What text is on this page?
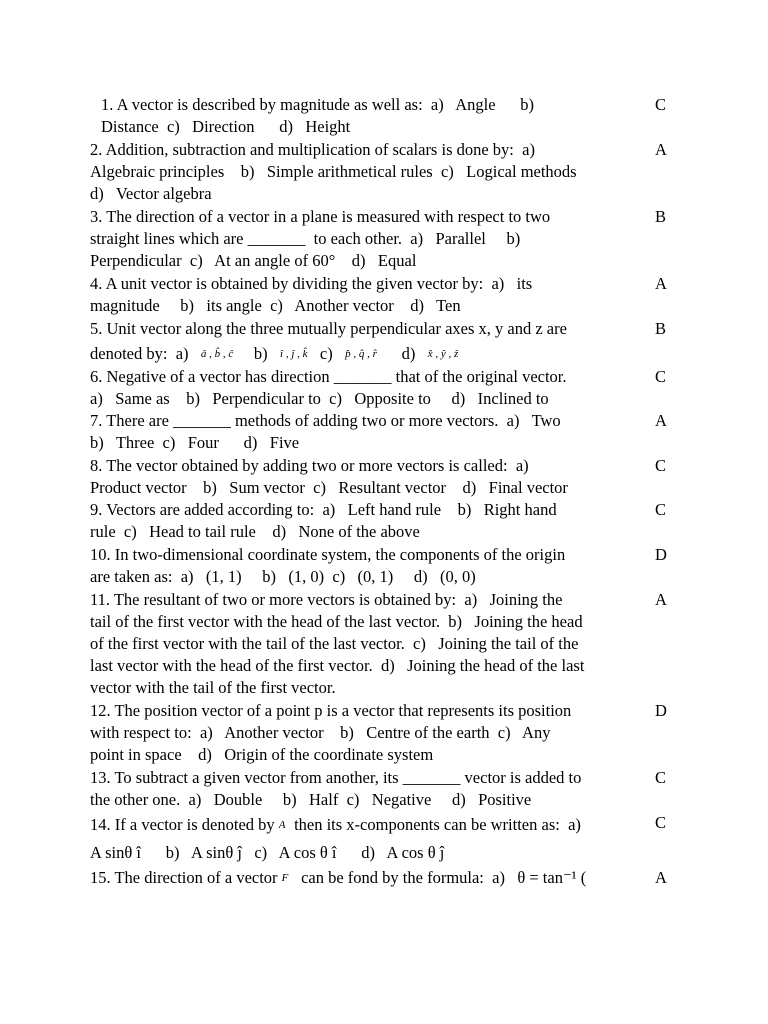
1. A vector is described by magnitude as well as:  a)   Angle      b)
Distance  c)   Direction      d)   Height
C
2. Addition, subtraction and multiplication of scalars is done by:  a)
Algebraic principles    b)   Simple arithmetical rules  c)   Logical methods
d)   Vector algebra
A
3. The direction of a vector in a plane is measured with respect to two
straight lines which are _______  to each other.  a)   Parallel     b)
Perpendicular  c)   At an angle of 60°    d)   Equal
B
4. A unit vector is obtained by dividing the given vector by:  a)   its
magnitude     b)   its angle  c)   Another vector    d)   Ten
A
5. Unit vector along the three mutually perpendicular axes x, y and z are
denoted by:  a) â , b̂ , ĉ b) î , ĵ , k̂ c) p̂ , q̂ , r̂ d) x̂ , ŷ , ẑ
B
6. Negative of a vector has direction _______ that of the original vector.
a)   Same as    b)   Perpendicular to  c)   Opposite to     d)   Inclined to
C
7. There are _______ methods of adding two or more vectors.  a)   Two
b)   Three  c)   Four      d)   Five
A
8. The vector obtained by adding two or more vectors is called:  a)
Product vector    b)   Sum vector  c)   Resultant vector    d)   Final vector
C
9. Vectors are added according to:  a)   Left hand rule    b)   Right hand
rule  c)   Head to tail rule    d)   None of the above
C
10. In two-dimensional coordinate system, the components of the origin
are taken as:  a)   (1, 1)     b)   (1, 0)  c)   (0, 1)     d)   (0, 0)
D
11. The resultant of two or more vectors is obtained by:  a)   Joining the
tail of the first vector with the head of the last vector.  b)   Joining the head
of the first vector with the tail of the last vector.  c)   Joining the tail of the
last vector with the head of the first vector.  d)   Joining the head of the last
vector with the tail of the first vector.
A
12. The position vector of a point p is a vector that represents its position
with respect to:  a)   Another vector    b)   Centre of the earth  c)   Any
point in space    d)   Origin of the coordinate system
D
13. To subtract a given vector from another, its _______ vector is added to
the other one.  a)   Double     b)   Half  c)   Negative     d)   Positive
C
14. If a vector is denoted by A⃗then its x-components can be written as:  a)
A sinθ î b)   A sinθ ĵ c)   A cos θ î d)   A cos θ ĵ
C
15. The direction of a vector F⃗ can be fond by the formula:  a) θ = tan⁻¹ (	A
